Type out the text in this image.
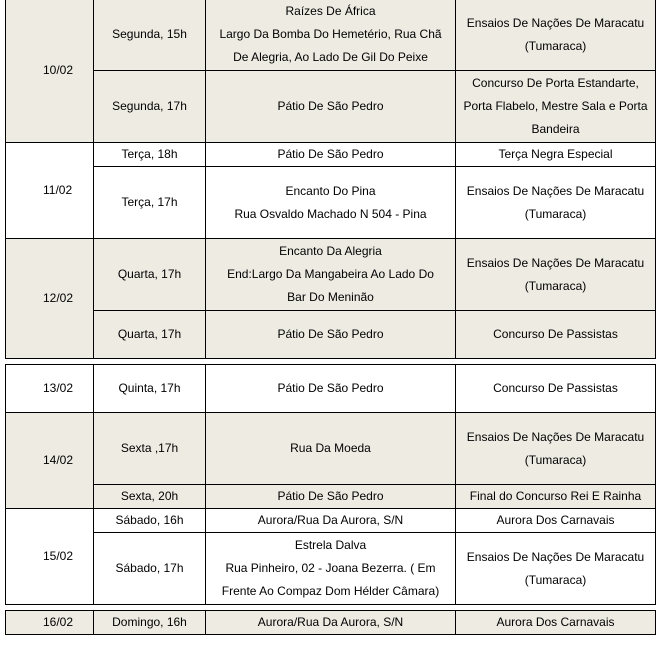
10/02	Segunda, 15h	Raízes De África
Largo Da Bomba Do Hemetério, Rua Chã
De Alegria, Ao Lado De Gil Do Peixe	Ensaios De Nações De Maracatu
(Tumaraca)

	Segunda, 17h	Pátio De São Pedro	Concurso De Porta Estandarte,
Porta Flabelo, Mestre Sala e Porta
Bandeira

11/02	Terça, 18h	Pátio De São Pedro	Terça Negra Especial

	Terça, 17h	Encanto Do Pina
Rua Osvaldo Machado N 504 - Pina	Ensaios De Nações De Maracatu
(Tumaraca)

12/02	Quarta, 17h	Encanto Da Alegria
End:Largo Da Mangabeira Ao Lado Do
Bar Do Meninão	Ensaios De Nações De Maracatu
(Tumaraca)

	Quarta, 17h	Pátio De São Pedro	Concurso De Passistas

13/02	Quinta, 17h	Pátio De São Pedro	Concurso De Passistas

14/02	Sexta ,17h	Rua Da Moeda	Ensaios De Nações De Maracatu
(Tumaraca)

	Sexta, 20h	Pátio De São Pedro	Final do Concurso Rei E Rainha

15/02	Sábado, 16h	Aurora/Rua Da Aurora, S/N	Aurora Dos Carnavais

	Sábado, 17h	Estrela Dalva
Rua Pinheiro, 02 - Joana Bezerra. ( Em
Frente Ao Compaz Dom Hélder Câmara)	Ensaios De Nações De Maracatu
(Tumaraca)

16/02	Domingo, 16h	Aurora/Rua Da Aurora, S/N	Aurora Dos Carnavais
